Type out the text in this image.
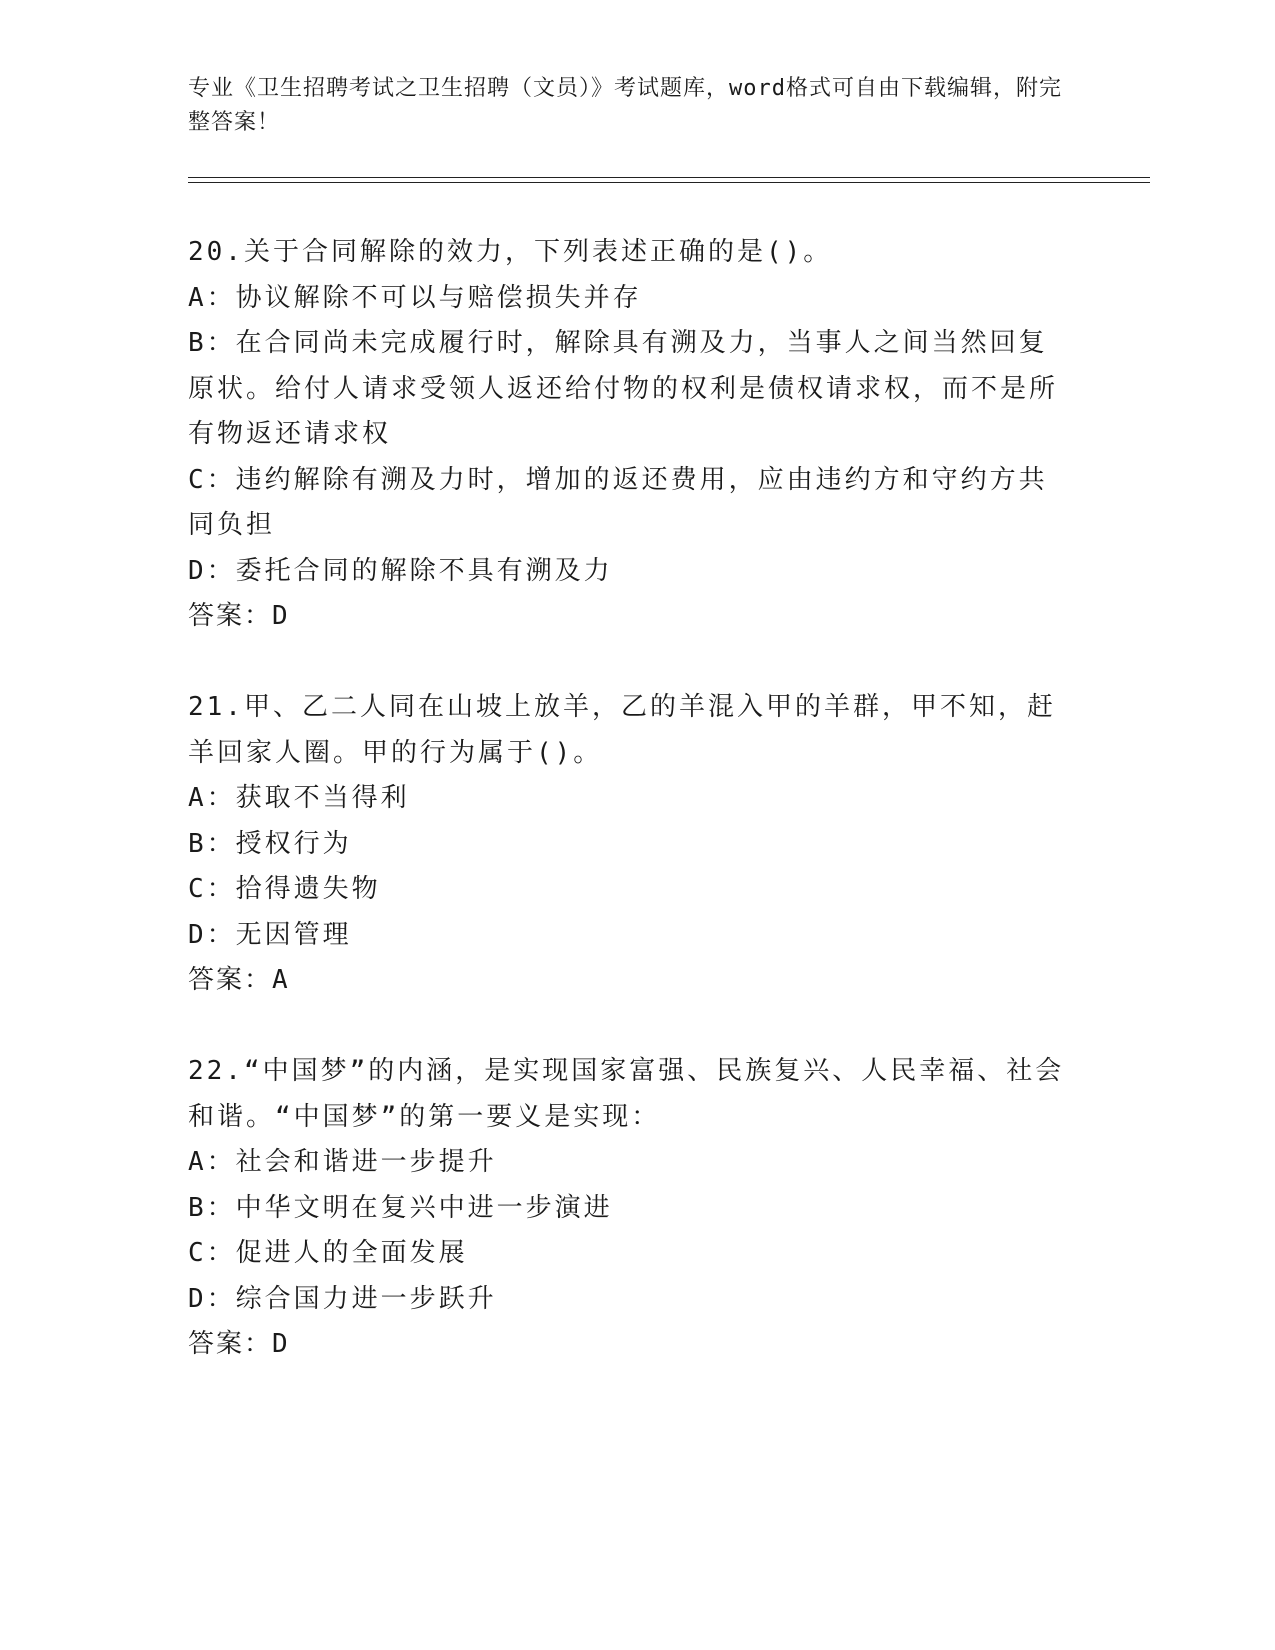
专业《卫生招聘考试之卫生招聘（文员）》考试题库，word格式可自由下载编辑，附完整答案！

20.关于合同解除的效力，下列表述正确的是()。

A：协议解除不可以与赔偿损失并存

B：在合同尚未完成履行时，解除具有溯及力，当事人之间当然回复原状。给付人请求受领人返还给付物的权利是债权请求权，而不是所有物返还请求权

C：违约解除有溯及力时，增加的返还费用，应由违约方和守约方共同负担

D：委托合同的解除不具有溯及力

答案：D

21.甲、乙二人同在山坡上放羊，乙的羊混入甲的羊群，甲不知，赶羊回家人圈。甲的行为属于()。

A：获取不当得利

B：授权行为

C：拾得遗失物

D：无因管理

答案：A

22.“中国梦”的内涵，是实现国家富强、民族复兴、人民幸福、社会和谐。“中国梦”的第一要义是实现：

A：社会和谐进一步提升

B：中华文明在复兴中进一步演进

C：促进人的全面发展

D：综合国力进一步跃升

答案：D
